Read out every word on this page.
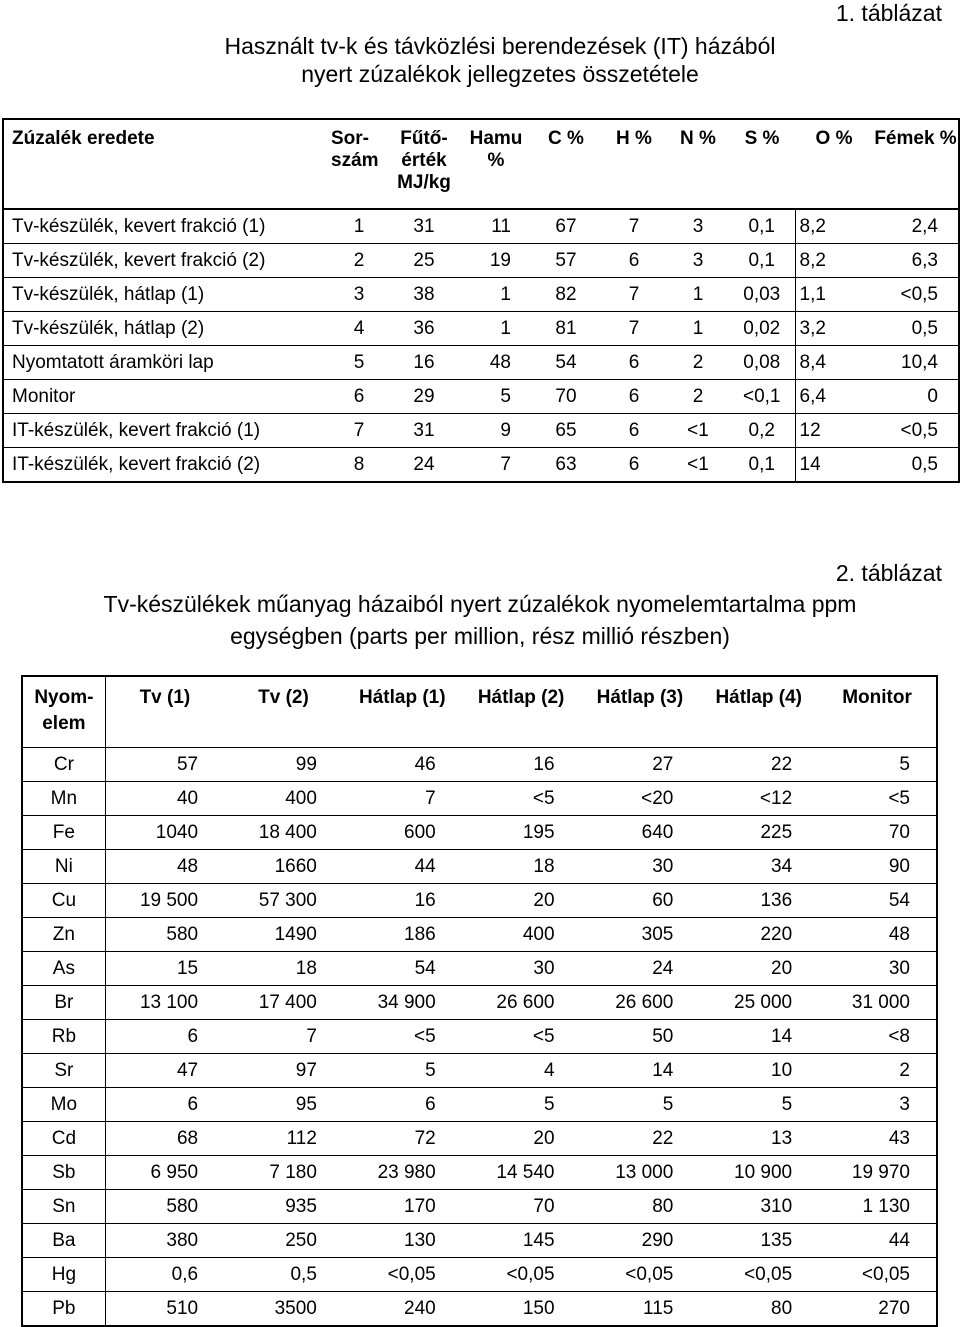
1. táblázat
Használt tv-k és távközlési berendezések (IT) házából
nyert zúzalékok jellegzetes összetétele
Zúzalék eredete	Sor-szám	Fűtő-érték MJ/kg	Hamu %	C %	H %	N %	S %	O %	Fémek %
Tv-készülék, kevert frakció (1)	1	31	11	67	7	3	0,1	8,2	2,4
Tv-készülék, kevert frakció (2)	2	25	19	57	6	3	0,1	8,2	6,3
Tv-készülék, hátlap (1)	3	38	1	82	7	1	0,03	1,1	<0,5
Tv-készülék, hátlap (2)	4	36	1	81	7	1	0,02	3,2	0,5
Nyomtatott áramköri lap	5	16	48	54	6	2	0,08	8,4	10,4
Monitor	6	29	5	70	6	2	<0,1	6,4	0
IT-készülék, kevert frakció (1)	7	31	9	65	6	<1	0,2	12	<0,5
IT-készülék, kevert frakció (2)	8	24	7	63	6	<1	0,1	14	0,5
2. táblázat
Tv-készülékek műanyag házaiból nyert zúzalékok nyomelemtartalma ppm
egységben (parts per million, rész millió részben)
Nyom-elem	Tv (1)	Tv (2)	Hátlap (1)	Hátlap (2)	Hátlap (3)	Hátlap (4)	Monitor
Cr	57	99	46	16	27	22	5
Mn	40	400	7	<5	<20	<12	<5
Fe	1040	18 400	600	195	640	225	70
Ni	48	1660	44	18	30	34	90
Cu	19 500	57 300	16	20	60	136	54
Zn	580	1490	186	400	305	220	48
As	15	18	54	30	24	20	30
Br	13 100	17 400	34 900	26 600	26 600	25 000	31 000
Rb	6	7	<5	<5	50	14	<8
Sr	47	97	5	4	14	10	2
Mo	6	95	6	5	5	5	3
Cd	68	112	72	20	22	13	43
Sb	6 950	7 180	23 980	14 540	13 000	10 900	19 970
Sn	580	935	170	70	80	310	1 130
Ba	380	250	130	145	290	135	44
Hg	0,6	0,5	<0,05	<0,05	<0,05	<0,05	<0,05
Pb	510	3500	240	150	115	80	270
